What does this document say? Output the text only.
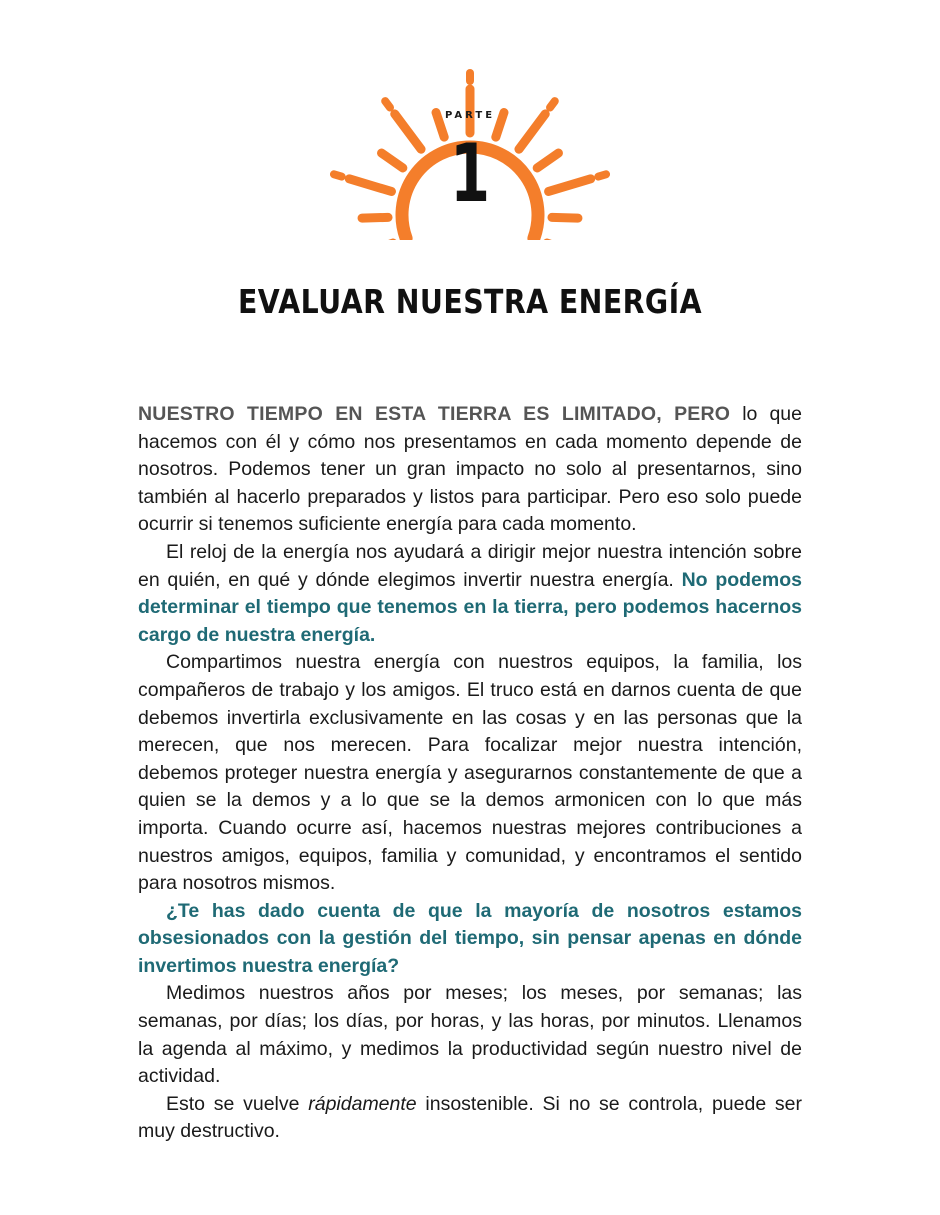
PARTE
1
EVALUAR NUESTRA ENERGÍA

NUESTRO TIEMPO EN ESTA TIERRA ES LIMITADO, PERO lo que hacemos con él y cómo nos presentamos en cada momento depende de nosotros. Podemos tener un gran impacto no solo al presentarnos, sino también al hacerlo preparados y listos para participar. Pero eso solo puede ocurrir si tenemos suficiente energía para cada momento.

El reloj de la energía nos ayudará a dirigir mejor nuestra intención sobre en quién, en qué y dónde elegimos invertir nuestra energía. No podemos determinar el tiempo que tenemos en la tierra, pero podemos hacernos cargo de nuestra energía.

Compartimos nuestra energía con nuestros equipos, la familia, los compañeros de trabajo y los amigos. El truco está en darnos cuenta de que debemos invertirla exclusivamente en las cosas y en las personas que la merecen, que nos merecen. Para focalizar mejor nuestra intención, debemos proteger nuestra energía y asegurarnos constantemente de que a quien se la demos y a lo que se la demos armonicen con lo que más importa. Cuando ocurre así, hacemos nuestras mejores contribuciones a nuestros amigos, equipos, familia y comunidad, y encontramos el sentido para nosotros mismos.

¿Te has dado cuenta de que la mayoría de nosotros estamos obsesionados con la gestión del tiempo, sin pensar apenas en dónde invertimos nuestra energía?

Medimos nuestros años por meses; los meses, por semanas; las semanas, por días; los días, por horas, y las horas, por minutos. Llenamos la agenda al máximo, y medimos la productividad según nuestro nivel de actividad.

Esto se vuelve rápidamente insostenible. Si no se controla, puede ser muy destructivo.
